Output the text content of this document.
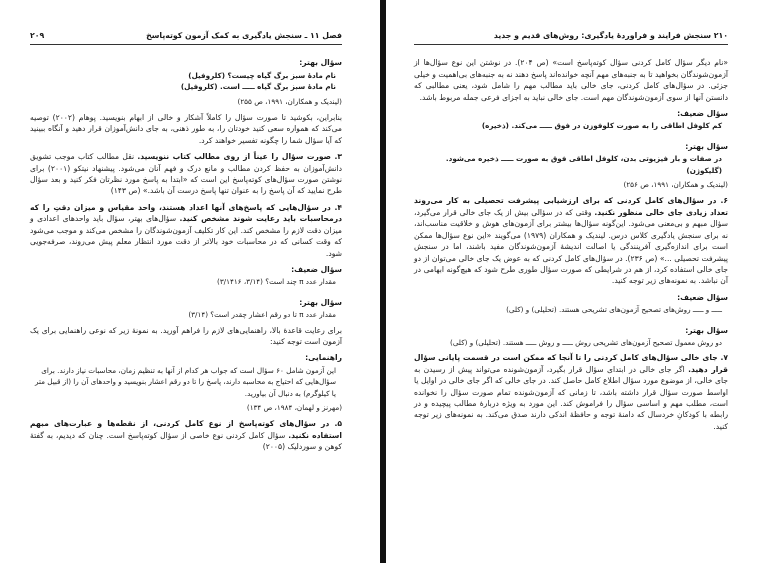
فصل ۱۱ ـ سنجش یادگیری به کمک آزمون کوته‌پاسخ
۲۰۹
سؤال بهتر:
نام مادهٔ سبز برگ گیاه چیست؟ (کلروفیل)
نام مادهٔ سبز برگ گیاه ـــــ است. (کلروفیل)
(لیندیک و همکاران، ۱۹۹۱، ص ۲۵۵)

بنابراین، بکوشید تا صورت سؤال را کاملاً آشکار و خالی از ابهام بنویسید. پوهام (۲۰۰۲) توصیه می‌کند که همواره سعی کنید خودتان را، به طور ذهنی، به جای دانش‌آموزان قرار دهید و آنگاه ببینید که آیا سؤال شما را چگونه تفسیر خواهند کرد.

۳. صورت سؤال را عیناً از روی مطالب کتاب ننویسید. نقل مطالب کتاب موجب تشویق دانش‌آموزان به حفظ کردن مطالب و مانع درک و فهم آنان می‌شود. پیشنهاد نیتکو (۲۰۰۱) برای نوشتن صورت سؤال‌های کوته‌پاسخ این است که «ابتدا به پاسخ مورد نظرتان فکر کنید و بعد سؤال طرح نمایید که آن پاسخ را به عنوان تنها پاسخ درست آن باشد.» (ص ۱۴۳)

۴. در سؤال‌هایی که پاسخ‌های آنها اعداد هستند، واحد مقیاس و میزان دقتِ را که درمحاسبات باید رعایت شوند مشخص کنید. سؤال‌های بهتر، سؤال باید واحدهای اعدادی و میزان دقت لازم را مشخص کند. این کار تکلیف آزمون‌شوندگان را مشخص می‌کند و موجب می‌شود که وقت کسانی که در محاسبات خود بالاتر از دقت مورد انتظار معلم پیش می‌روند، صرفه‌جویی شود.

سؤال ضعیف:
مقدار عدد π چند است؟ (۳/۱۴، ۳/۱۴۱۶)
سؤال بهتر:
مقدار عدد π تا دو رقم اعشار چقدر است؟ (۳/۱۴)

برای رعایت قاعدهٔ بالا، راهنمایی‌های لازم را فراهم آورید. به نمونهٔ زیر که نوعی راهنمایی برای یک آزمون است توجه کنید:

راهنمایی:
این آزمون شامل ۶۰ سؤال است که جواب هر کدام از آنها به تنظیم زمان، محاسبات نیاز دارند. برای سؤال‌هایی که احتیاج به محاسبه دارند، پاسخ را تا دو رقم اعشار بنویسید و واحدهای آن را (از قبیل متر یا کیلوگرم) به دنبال آن بیاورید.
(مهرنز و لهمان، ۱۹۸۴، ص ۱۳۴)

۵. در سؤال‌های کوته‌پاسخ از نوع کامل کردنی، از نقطه‌ها و عبارت‌های مبهم استفاده نکنید. سؤال کامل کردنی نوع خاصی از سؤال کوته‌پاسخ است. چنان که دیدیم، به گفتهٔ کوهن و سوردلیک (۲۰۰۵)

۲۱۰ سنجش فرایند و فراوردهٔ یادگیری: روش‌های قدیم و جدید

«نام دیگر سؤال کامل کردنی سؤال کوته‌پاسخ است» (ص ۲۰۴). در نوشتن این نوع سؤال‌ها از آزمون‌شوندگان بخواهید تا به جنبه‌های مهم آنچه خوانده‌اند پاسخ دهند نه به جنبه‌های بی‌اهمیت و خیلی جزئی. در سؤال‌های کامل کردنی، جای خالی باید مطالب مهم را شامل شود، یعنی مطالبی که دانستن آنها از سوی آزمون‌شوندگان مهم است. جای خالی نباید به اجزای فرعی جمله مربوط باشد.

سؤال ضعیف:
کم کلوفل اطاقی را به صورت کلوفوزن در فوق ـــــ می‌کند. (ذخیره)
سؤال بهتر:
در صفات و بار فیزیوتی بدن، کلوفل اطاقی فوق به صورت ـــــ ذخیره می‌شود. (گلیکوژن)
(لیندیک و همکاران، ۱۹۹۱، ص ۲۵۶)

۶. در سؤال‌های کامل کردنی که برای ارزشیابی پیشرفت تحصیلی به کار می‌روند تعداد زیادی جای خالی منظور نکنید. وقتی که در سؤالی بیش از یک جای خالی قرار می‌گیرد، سؤال مبهم و بی‌معنی می‌شود. این‌گونه سؤال‌ها بیشتر برای آزمون‌های هوش و خلاقیت مناسب‌اند، نه برای سنجش یادگیری کلاس درس. لیندیک و همکاران (۱۹۷۹) می‌گویند «این نوع سؤال‌ها ممکن است برای اندازه‌گیری آفرینندگی یا اصالت اندیشهٔ آزمون‌شوندگان مفید باشند، اما در سنجش پیشرفت تحصیلی ...» (ص ۲۳۶). در سؤال‌های کامل کردنی که به عوض یک جای خالی می‌توان از دو جای خالی استفاده کرد، از هم در شرایطی که صورت سؤال طوری طرح شود که هیچ‌گونه ابهامی در آن نباشد. به نمونه‌های زیر توجه کنید.

سؤال ضعیف:
ـــــ و ـــــ روش‌های تصحیح آزمون‌های تشریحی هستند. (تحلیلی) و (کلی)
سؤال بهتر:
دو روش معمول تصحیح آزمون‌های تشریحی روش ـــــ و روش ـــــ هستند. (تحلیلی) و (کلی)

۷. جای خالی سؤال‌های کامل کردنی را تا آنجا که ممکن است در قسمت پایانی سؤال قرار دهید. اگر جای خالی در ابتدای سؤال قرار بگیرد، آزمون‌شونده می‌تواند پیش از رسیدن به جای خالی، از موضوع مورد سؤال اطلاع کامل حاصل کند. در جای خالی که اگر جای خالی در اوایل یا اواسط صورت سؤال قرار داشته باشد، تا زمانی که آزمون‌شونده تمام صورت سؤال را نخوانده است، مطلب مهم و اساسی سؤال را فراموش کند. این مورد به ویژه دربارهٔ مطالب پیچیده و در رابطه با کودکانِ خردسال که دامنهٔ توجه و حافظهٔ اندکی دارند صدق می‌کند. به نمونه‌های زیر توجه کنید.
